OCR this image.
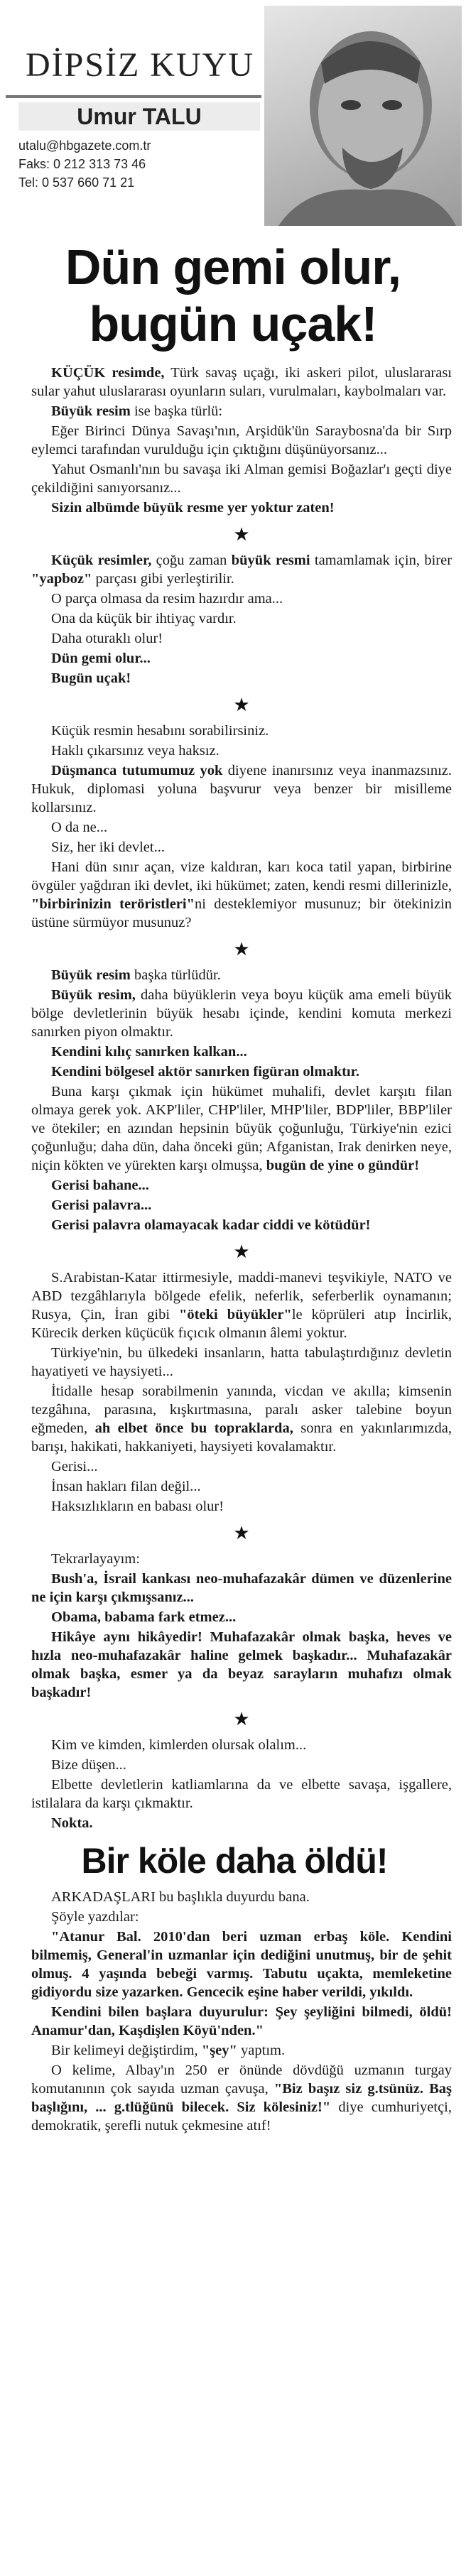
DİPSİZ KUYU
Umur TALU
utalu@hbgazete.com.tr
Faks: 0 212 313 73 46
Tel: 0 537 660 71 21
Dün gemi olur,
bugün uçak!

KÜÇÜK resimde, Türk savaş uçağı, iki askeri pilot, uluslararası sular yahut uluslararası oyunların suları, vurulmaları, kaybolmaları var.

Büyük resim ise başka türlü:

Eğer Birinci Dünya Savaşı'nın, Arşidük'ün Saraybosna'da bir Sırp eylemci tarafından vurulduğu için çıktığını düşünüyorsanız...

Yahut Osmanlı'nın bu savaşa iki Alman gemisi Boğazlar'ı geçti diye çekildiğini sanıyorsanız...

Sizin albümde büyük resme yer yoktur zaten!

★

Küçük resimler, çoğu zaman büyük resmi tamamlamak için, birer "yapboz" parçası gibi yerleştirilir.

O parça olmasa da resim hazırdır ama...

Ona da küçük bir ihtiyaç vardır.

Daha oturaklı olur!

Dün gemi olur...

Bugün uçak!

★

Küçük resmin hesabını sorabilirsiniz.

Haklı çıkarsınız veya haksız.

Düşmanca tutumumuz yok diyene inanırsınız veya inanmazsınız. Hukuk, diplomasi yoluna başvurur veya benzer bir misilleme kollarsınız.

O da ne...

Siz, her iki devlet...

Hani dün sınır açan, vize kaldıran, karı koca tatil yapan, birbirine övgüler yağdıran iki devlet, iki hükümet; zaten, kendi resmi dillerinizle, "birbirinizin teröristleri"ni desteklemiyor musunuz; bir ötekinizin üstüne sürmüyor musunuz?

★

Büyük resim başka türlüdür.

Büyük resim, daha büyüklerin veya boyu küçük ama emeli büyük bölge devletlerinin büyük hesabı içinde, kendini komuta merkezi sanırken piyon olmaktır.

Kendini kılıç sanırken kalkan...

Kendini bölgesel aktör sanırken figüran olmaktır.

Buna karşı çıkmak için hükümet muhalifi, devlet karşıtı filan olmaya gerek yok. AKP'liler, CHP'liler, MHP'liler, BDP'liler, BBP'liler ve ötekiler; en azından hepsinin büyük çoğunluğu, Türkiye'nin ezici çoğunluğu; daha dün, daha önceki gün; Afganistan, Irak denirken neye, niçin kökten ve yürekten karşı olmuşsa, bugün de yine o gündür!

Gerisi bahane...

Gerisi palavra...

Gerisi palavra olamayacak kadar ciddi ve kötüdür!

★

S.Arabistan-Katar ittirmesiyle, maddi-manevi teşvikiyle, NATO ve ABD tezgâhlarıyla bölgede efelik, neferlik, seferberlik oynamanın; Rusya, Çin, İran gibi "öteki büyükler"le köprüleri atıp İncirlik, Kürecik derken küçücük fıçıcık olmanın âlemi yoktur.

Türkiye'nin, bu ülkedeki insanların, hatta tabulaştırdığınız devletin hayatiyeti ve haysiyeti...

İtidalle hesap sorabilmenin yanında, vicdan ve akılla; kimsenin tezgâhına, parasına, kışkırtmasına, paralı asker talebine boyun eğmeden, ah elbet önce bu topraklarda, sonra en yakınlarımızda, barışı, hakikati, hakkaniyeti, haysiyeti kovalamaktır.

Gerisi...

İnsan hakları filan değil...

Haksızlıkların en babası olur!

★

Tekrarlayayım:

Bush'a, İsrail kankası neo-muhafazakâr dümen ve düzenlerine ne için karşı çıkmışsanız...

Obama, babama fark etmez...

Hikâye aynı hikâyedir! Muhafazakâr olmak başka, heves ve hızla neo-muhafazakâr haline gelmek başkadır... Muhafazakâr olmak başka, esmer ya da beyaz sarayların muhafızı olmak başkadır!

★

Kim ve kimden, kimlerden olursak olalım...

Bize düşen...

Elbette devletlerin katliamlarına da ve elbette savaşa, işgallere, istilalara da karşı çıkmaktır.

Nokta.

Bir köle daha öldü!

ARKADAŞLARI bu başlıkla duyurdu bana.

Şöyle yazdılar:

"Atanur Bal. 2010'dan beri uzman erbaş köle. Kendini bilmemiş, General'in uzmanlar için dediğini unutmuş, bir de şehit olmuş. 4 yaşında bebeği varmış. Tabutu uçakta, memleketine gidiyordu size yazarken. Gencecik eşine haber verildi, yıkıldı.

Kendini bilen başlara duyurulur: Şey şeyliğini bilmedi, öldü! Anamur'dan, Kaşdişlen Köyü'nden."

Bir kelimeyi değiştirdim, "şey" yaptım.

O kelime, Albay'ın 250 er önünde dövdüğü uzmanın turgay komutanının çok sayıda uzman çavuşa, "Biz başız siz g.tsünüz. Baş başlığını, ... g.tlüğünü bilecek. Siz kölesiniz!" diye cumhuriyetçi, demokratik, şerefli nutuk çekmesine atıf!
